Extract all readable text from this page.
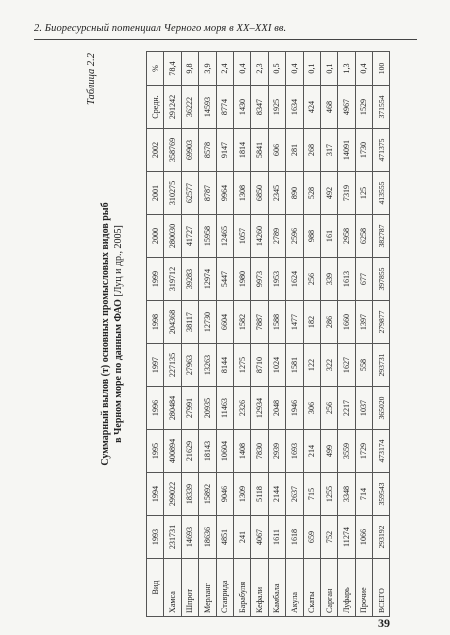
2. Биоресурсный потенциал Черного моря в XX–XXI вв.
Таблица 2.2
Суммарный вылов (т) основных промысловых видов рыб в Черном море по данным ФАО [Луц и др., 2005]
Вид	1993	1994	1995	1996	1997	1998	1999	2000	2001	2002	Средн.	%
Хамса	231731	299022	400894	280484	227135	204368	319712	280030	310275	358769	291242	78,4
Шпрот	14693	18339	21629	27991	27963	38117	39283	41727	62577	69903	36222	9,8
Мерланг	18636	15892	18143	20935	13263	12730	12974	15958	8787	8578	14593	3,9
Ставрида	4851	9046	10604	11463	8144	6604	5447	12465	9964	9147	8774	2,4
Барабуля	241	1309	1408	2326	1275	1582	1980	1057	1308	1814	1430	0,4
Кефали	4067	5118	7830	12934	8710	7887	9973	14260	6850	5841	8347	2,3
Камбала	1611	2144	2939	2048	1024	1588	1953	2789	2345	606	1925	0,5
Акула	1618	2637	1693	1946	1581	1477	1624	2596	890	281	1634	0,4
Скаты	659	715	214	306	122	182	256	988	528	268	424	0,1
Сарган	752	1255	499	256	322	286	339	161	492	317	468	0,1
Луфарь	11274	3348	3559	2217	1627	1660	1613	2958	7319	14091	4967	1,3
Прочие	1066	714	1729	1037	558	1397	677	6258	125	1730	1529	0,4
ВСЕГО	293192	359543	473174	365020	293731	279877	397855	382787	413555	471375	371554	100
39
